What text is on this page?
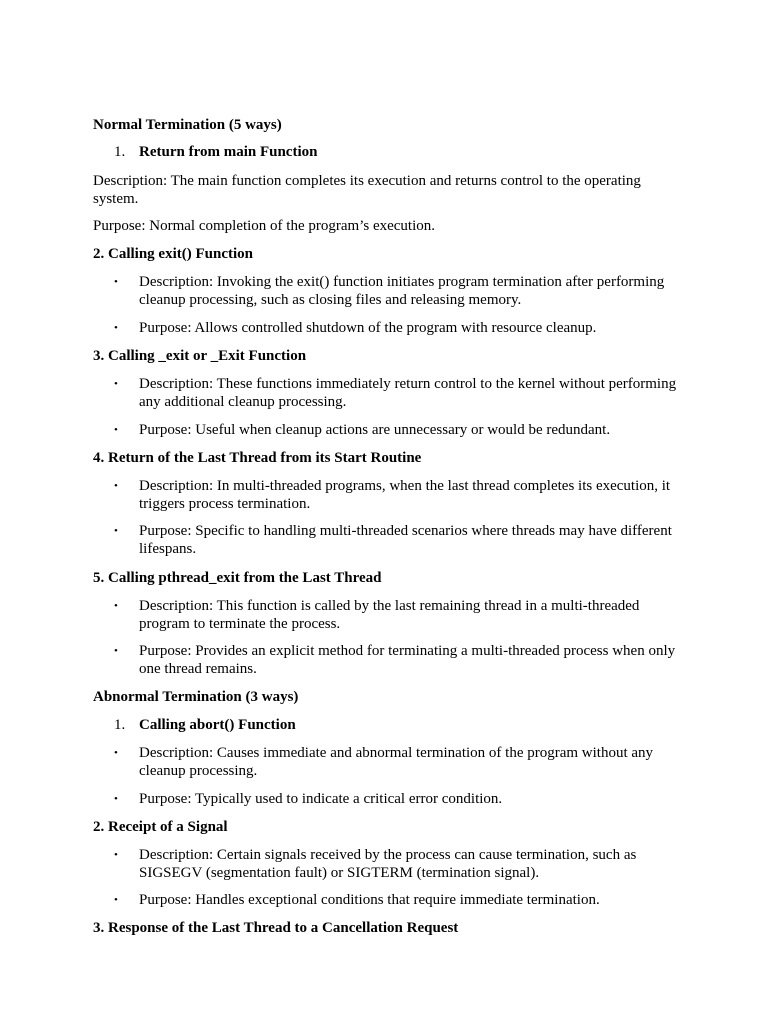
Normal Termination (5 ways)
1. Return from main Function
Description: The main function completes its execution and returns control to the operating system.
Purpose: Normal completion of the program’s execution.
2. Calling exit() Function
•	Description: Invoking the exit() function initiates program termination after performing cleanup processing, such as closing files and releasing memory.
•	Purpose: Allows controlled shutdown of the program with resource cleanup.
3. Calling _exit or _Exit Function
•	Description: These functions immediately return control to the kernel without performing any additional cleanup processing.
•	Purpose: Useful when cleanup actions are unnecessary or would be redundant.
4. Return of the Last Thread from its Start Routine
•	Description: In multi-threaded programs, when the last thread completes its execution, it triggers process termination.
•	Purpose: Specific to handling multi-threaded scenarios where threads may have different lifespans.
5. Calling pthread_exit from the Last Thread
•	Description: This function is called by the last remaining thread in a multi-threaded program to terminate the process.
•	Purpose: Provides an explicit method for terminating a multi-threaded process when only one thread remains.
Abnormal Termination (3 ways)
1. Calling abort() Function
•	Description: Causes immediate and abnormal termination of the program without any cleanup processing.
•	Purpose: Typically used to indicate a critical error condition.
2. Receipt of a Signal
•	Description: Certain signals received by the process can cause termination, such as SIGSEGV (segmentation fault) or SIGTERM (termination signal).
•	Purpose: Handles exceptional conditions that require immediate termination.
3. Response of the Last Thread to a Cancellation Request
